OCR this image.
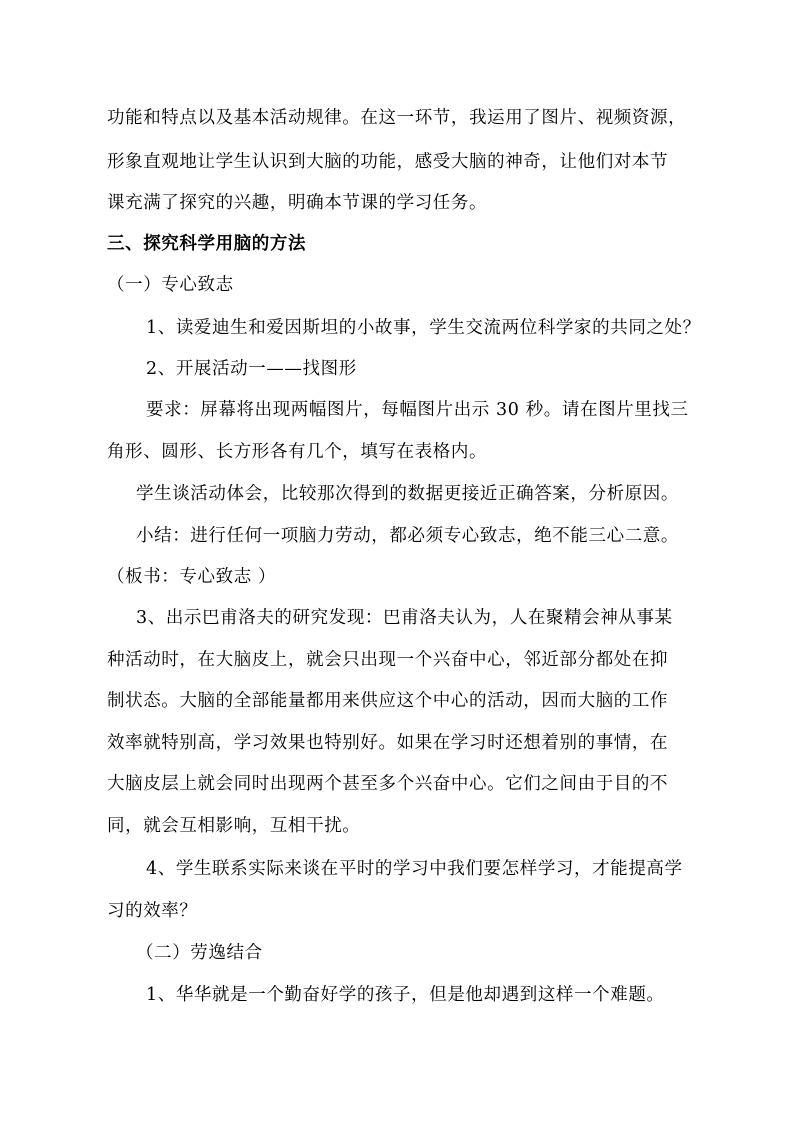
功能和特点以及基本活动规律。在这一环节，我运用了图片、视频资源，
形象直观地让学生认识到大脑的功能，感受大脑的神奇，让他们对本节
课充满了探究的兴趣，明确本节课的学习任务。
三、探究科学用脑的方法
（一）专心致志
1、读爱迪生和爱因斯坦的小故事，学生交流两位科学家的共同之处？
2、开展活动一——找图形
要求：屏幕将出现两幅图片，每幅图片出示 30 秒。请在图片里找三
角形、圆形、长方形各有几个，填写在表格内。
学生谈活动体会，比较那次得到的数据更接近正确答案，分析原因。
小结：进行任何一项脑力劳动，都必须专心致志，绝不能三心二意。
（板书：专心致志 ）
3、出示巴甫洛夫的研究发现：巴甫洛夫认为，人在聚精会神从事某
种活动时，在大脑皮上，就会只出现一个兴奋中心，邻近部分都处在抑
制状态。大脑的全部能量都用来供应这个中心的活动，因而大脑的工作
效率就特别高，学习效果也特别好。如果在学习时还想着别的事情，在
大脑皮层上就会同时出现两个甚至多个兴奋中心。它们之间由于目的不
同，就会互相影响，互相干扰。
4、学生联系实际来谈在平时的学习中我们要怎样学习，才能提高学
习的效率？
（二）劳逸结合
1、华华就是一个勤奋好学的孩子，但是他却遇到这样一个难题。
